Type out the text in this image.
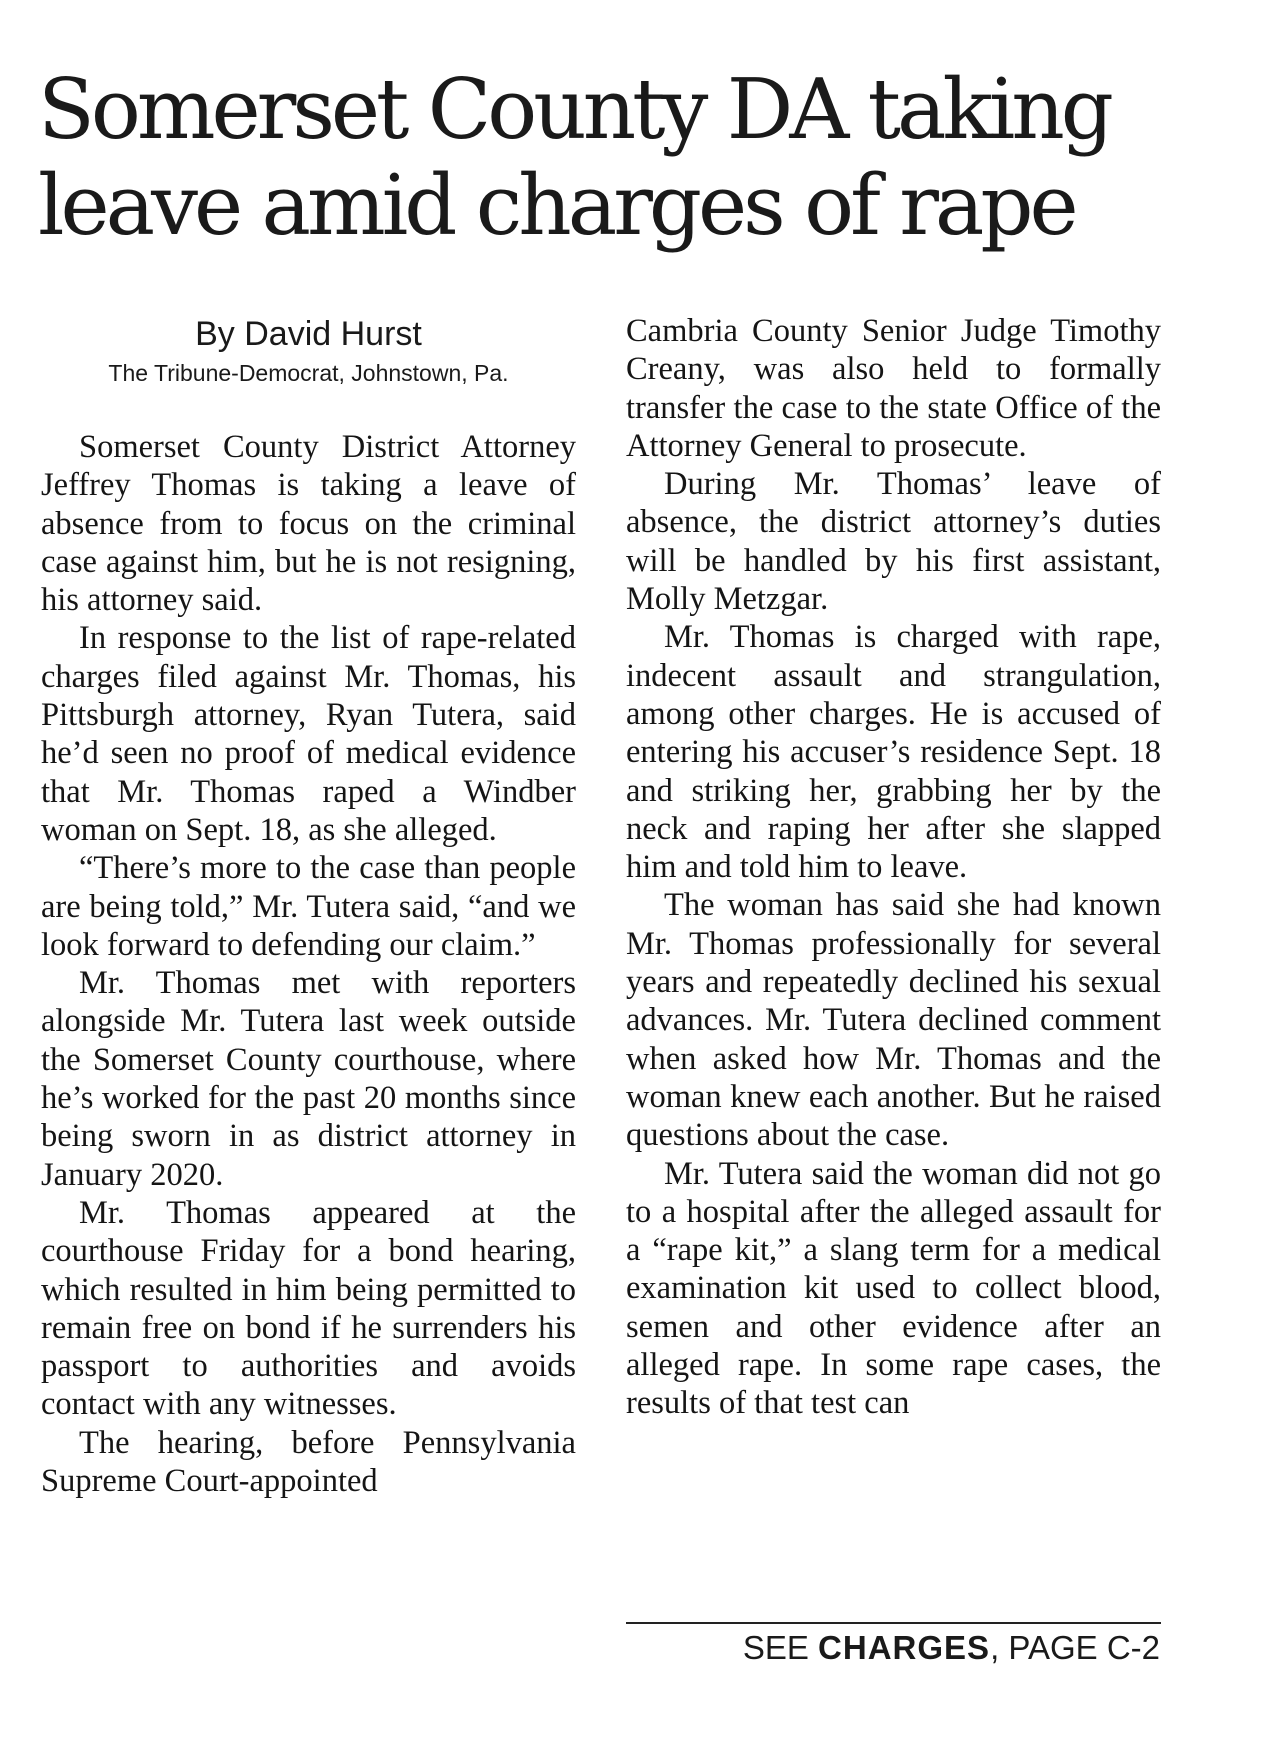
Somerset County DA taking
leave amid charges of rape
By David Hurst
The Tribune-Democrat, Johnstown, Pa.

Somerset County District Attorney Jeffrey Thomas is taking a leave of absence from to focus on the criminal case against him, but he is not resigning, his attorney said.

In response to the list of rape-related charges filed against Mr. Thomas, his Pittsburgh attorney, Ryan Tutera, said he’d seen no proof of medical evidence that Mr. Thomas raped a Windber woman on Sept. 18, as she alleged.

“There’s more to the case than people are being told,” Mr. Tutera said, “and we look forward to defending our claim.”

Mr. Thomas met with reporters alongside Mr. Tutera last week outside the Somerset County courthouse, where he’s worked for the past 20 months since being sworn in as district attorney in January 2020.

Mr. Thomas appeared at the courthouse Friday for a bond hearing, which resulted in him being permitted to remain free on bond if he surrenders his passport to authorities and avoids contact with any witnesses.

The hearing, before Pennsylvania Supreme Court-appointed

Cambria County Senior Judge Timothy Creany, was also held to formally transfer the case to the state Office of the Attorney General to prosecute.

During Mr. Thomas’ leave of absence, the district attorney’s duties will be handled by his first assistant, Molly Metzgar.

Mr. Thomas is charged with rape, indecent assault and strangulation, among other charges. He is accused of entering his accuser’s residence Sept. 18 and striking her, grabbing her by the neck and raping her after she slapped him and told him to leave.

The woman has said she had known Mr. Thomas professionally for several years and repeatedly declined his sexual advances. Mr. Tutera declined comment when asked how Mr. Thomas and the woman knew each another. But he raised questions about the case.

Mr. Tutera said the woman did not go to a hospital after the alleged assault for a “rape kit,” a slang term for a medical examination kit used to collect blood, semen and other evidence after an alleged rape. In some rape cases, the results of that test can

SEE CHARGES, PAGE C-2
